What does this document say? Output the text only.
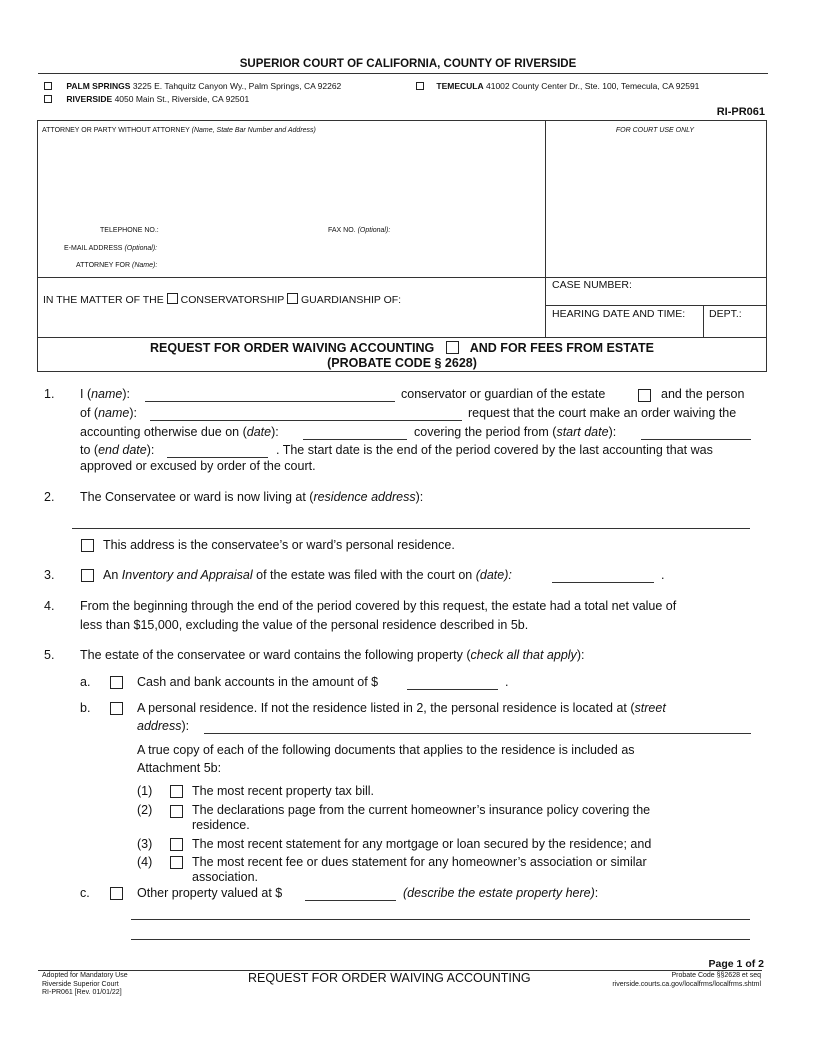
SUPERIOR COURT OF CALIFORNIA, COUNTY OF RIVERSIDE
PALM SPRINGS 3225 E. Tahquitz Canyon Wy., Palm Springs, CA 92262	TEMECULA 41002 County Center Dr., Ste. 100, Temecula, CA 92591
RIVERSIDE 4050 Main St., Riverside, CA 92501
RI-PR061
ATTORNEY OR PARTY WITHOUT ATTORNEY (Name, State Bar Number and Address)	FOR COURT USE ONLY
TELEPHONE NO.:	FAX NO. (Optional):
E-MAIL ADDRESS (Optional):
ATTORNEY FOR (Name):
IN THE MATTER OF THE CONSERVATORSHIP GUARDIANSHIP OF:
CASE NUMBER:
HEARING DATE AND TIME: DEPT.:
REQUEST FOR ORDER WAIVING ACCOUNTING	AND FOR FEES FROM ESTATE
(PROBATE CODE § 2628)
1. I (name):	conservator or guardian of the estate	and the person
of (name):	request that the court make an order waiving the
accounting otherwise due on (date):	covering the period from (start date):
to (end date):	. The start date is the end of the period covered by the last accounting that was
approved or excused by order of the court.
2. The Conservatee or ward is now living at (residence address):
This address is the conservatee’s or ward’s personal residence.
3.	An Inventory and Appraisal of the estate was filed with the court on (date):	.
4. From the beginning through the end of the period covered by this request, the estate had a total net value of
less than $15,000, excluding the value of the personal residence described in 5b.
5. The estate of the conservatee or ward contains the following property (check all that apply):
a.	Cash and bank accounts in the amount of $	.
b.	A personal residence. If not the residence listed in 2, the personal residence is located at (street
address):
A true copy of each of the following documents that applies to the residence is included as
Attachment 5b:
(1)	The most recent property tax bill.
(2)	The declarations page from the current homeowner’s insurance policy covering the
residence.
(3)	The most recent statement for any mortgage or loan secured by the residence; and
(4)	The most recent fee or dues statement for any homeowner’s association or similar
association.
c.	Other property valued at $	(describe the estate property here):
Page 1 of 2
Adopted for Mandatory Use
Riverside Superior Court
RI-PR061 [Rev. 01/01/22]
REQUEST FOR ORDER WAIVING ACCOUNTING	Probate Code §§2628 et seq
riverside.courts.ca.gov/localfrms/localfrms.shtml
